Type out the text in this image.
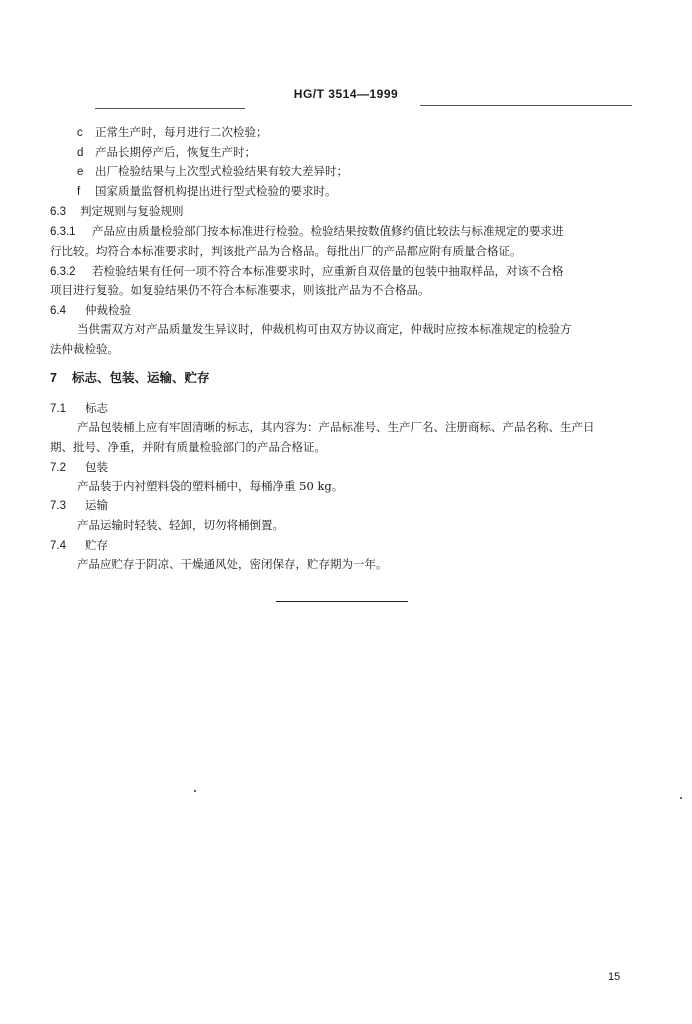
HG/T 3514—1999
c 正常生产时，每月进行二次检验；
d 产品长期停产后，恢复生产时；
e 出厂检验结果与上次型式检验结果有较大差异时；
f 国家质量监督机构提出进行型式检验的要求时。
6.3 判定规则与复验规则
6.3.1 产品应由质量检验部门按本标准进行检验。检验结果按数值修约值比较法与标准规定的要求进
行比较。均符合本标准要求时，判该批产品为合格品。每批出厂的产品都应附有质量合格证。
6.3.2 若检验结果有任何一项不符合本标准要求时，应重新自双倍量的包装中抽取样品，对该不合格
项目进行复验。如复验结果仍不符合本标准要求，则该批产品为不合格品。
6.4 仲裁检验
当供需双方对产品质量发生异议时，仲裁机构可由双方协议商定，仲裁时应按本标准规定的检验方
法仲裁检验。
7 标志、包装、运输、贮存
7.1 标志
产品包装桶上应有牢固清晰的标志，其内容为：产品标准号、生产厂名、注册商标、产品名称、生产日
期、批号、净重，并附有质量检验部门的产品合格证。
7.2 包装
产品装于内衬塑料袋的塑料桶中，每桶净重 50 kg。
7.3 运输
产品运输时轻装、轻卸，切勿将桶倒置。
7.4 贮存
产品应贮存于阴凉、干燥通风处，密闭保存，贮存期为一年。
15
